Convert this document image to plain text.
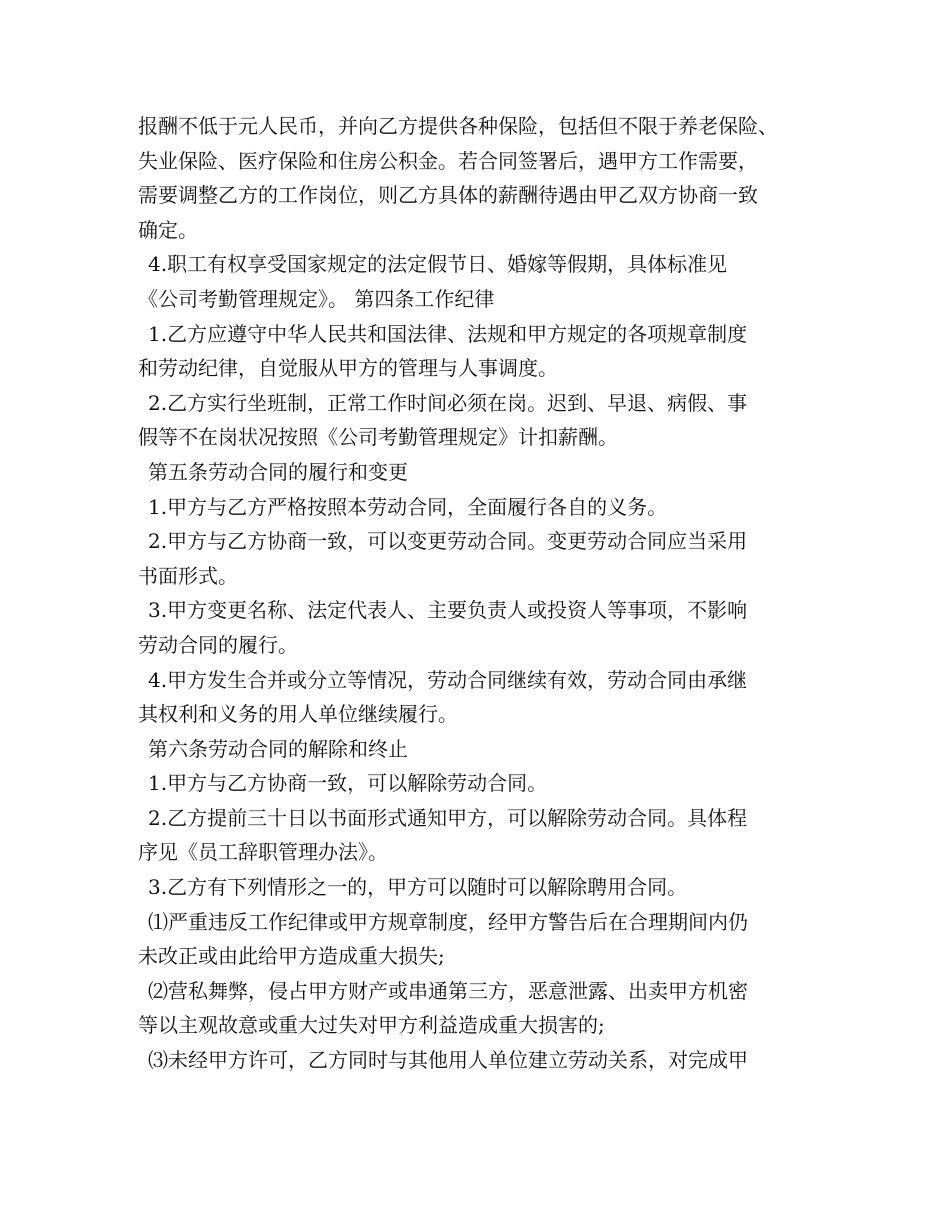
报酬不低于元人民币，并向乙方提供各种保险，包括但不限于养老保险、
失业保险、医疗保险和住房公积金。若合同签署后，遇甲方工作需要，
需要调整乙方的工作岗位，则乙方具体的薪酬待遇由甲乙双方协商一致
确定。
4.职工有权享受国家规定的法定假节日、婚嫁等假期，具体标准见
《公司考勤管理规定》。 第四条工作纪律
1.乙方应遵守中华人民共和国法律、法规和甲方规定的各项规章制度
和劳动纪律，自觉服从甲方的管理与人事调度。
2.乙方实行坐班制，正常工作时间必须在岗。迟到、早退、病假、事
假等不在岗状况按照《公司考勤管理规定》计扣薪酬。
第五条劳动合同的履行和变更
1.甲方与乙方严格按照本劳动合同，全面履行各自的义务。
2.甲方与乙方协商一致，可以变更劳动合同。变更劳动合同应当采用
书面形式。
3.甲方变更名称、法定代表人、主要负责人或投资人等事项，不影响
劳动合同的履行。
4.甲方发生合并或分立等情况，劳动合同继续有效，劳动合同由承继
其权利和义务的用人单位继续履行。
第六条劳动合同的解除和终止
1.甲方与乙方协商一致，可以解除劳动合同。
2.乙方提前三十日以书面形式通知甲方，可以解除劳动合同。具体程
序见《员工辞职管理办法》。
3.乙方有下列情形之一的，甲方可以随时可以解除聘用合同。
⑴严重违反工作纪律或甲方规章制度，经甲方警告后在合理期间内仍
未改正或由此给甲方造成重大损失;
⑵营私舞弊，侵占甲方财产或串通第三方，恶意泄露、出卖甲方机密
等以主观故意或重大过失对甲方利益造成重大损害的;
⑶未经甲方许可，乙方同时与其他用人单位建立劳动关系，对完成甲
